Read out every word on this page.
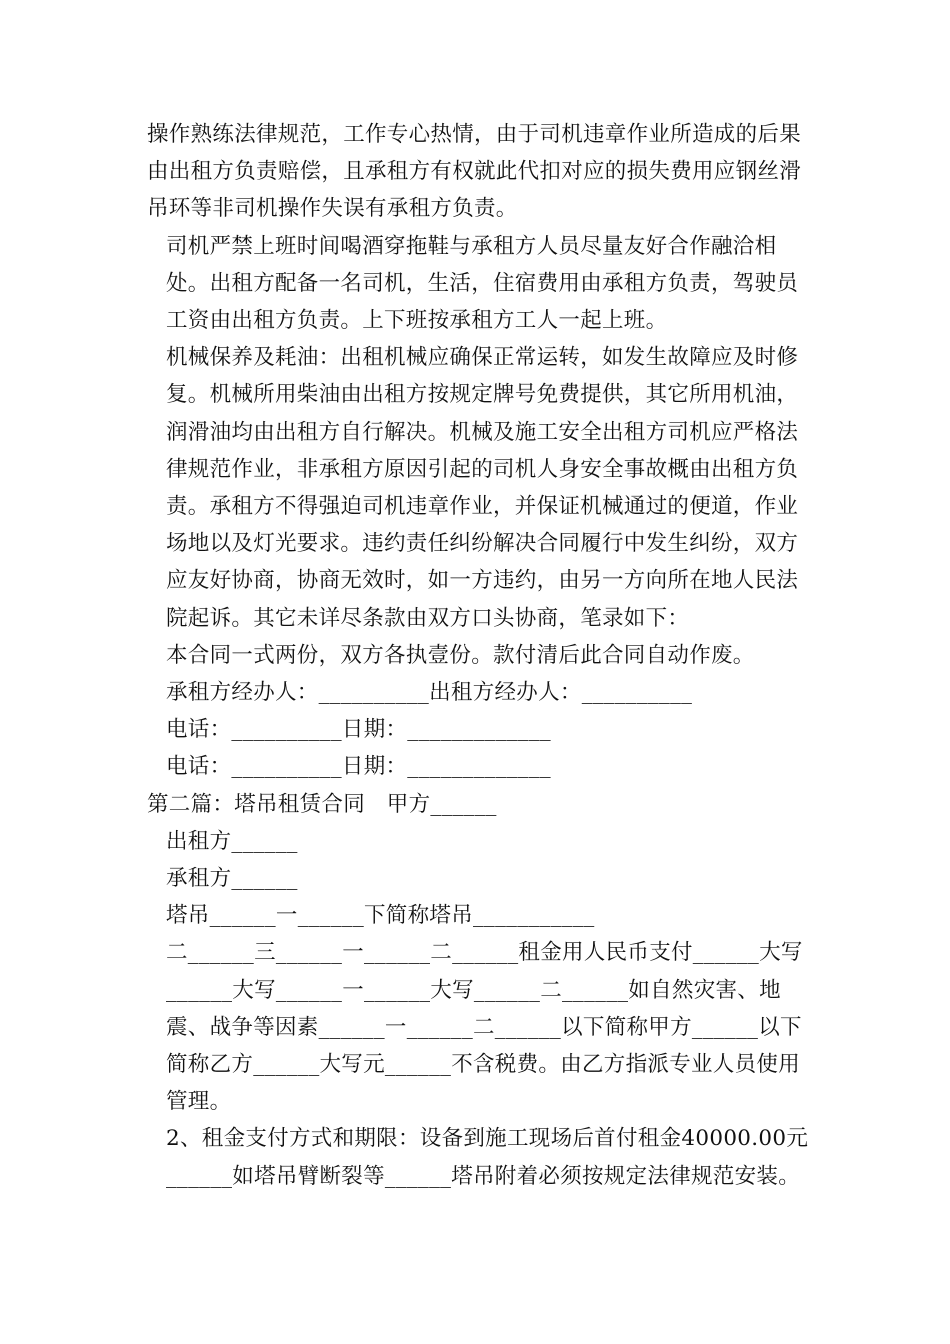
操作熟练法律规范，工作专心热情，由于司机违章作业所造成的后果由出租方负责赔偿，且承租方有权就此代扣对应的损失费用应钢丝滑吊环等非司机操作失误有承租方负责。

司机严禁上班时间喝酒穿拖鞋与承租方人员尽量友好合作融洽相处。出租方配备一名司机，生活，住宿费用由承租方负责，驾驶员工资由出租方负责。上下班按承租方工人一起上班。

机械保养及耗油：出租机械应确保正常运转，如发生故障应及时修复。机械所用柴油由出租方按规定牌号免费提供，其它所用机油，润滑油均由出租方自行解决。机械及施工安全出租方司机应严格法律规范作业，非承租方原因引起的司机人身安全事故概由出租方负责。承租方不得强迫司机违章作业，并保证机械通过的便道，作业场地以及灯光要求。违约责任纠纷解决合同履行中发生纠纷，双方应友好协商，协商无效时，如一方违约，由另一方向所在地人民法院起诉。其它未详尽条款由双方口头协商，笔录如下：

本合同一式两份，双方各执壹份。款付清后此合同自动作废。

承租方经办人：__________出租方经办人：__________

电话：__________日期：_____________

电话：__________日期：_____________

第二篇：塔吊租赁合同　甲方______

出租方______

承租方______

塔吊______一______下简称塔吊___________

二______三______一______二______租金用人民币支付______大写______大写______一______大写______二______如自然灾害、地震、战争等因素______一______二______以下简称甲方______以下简称乙方______大写元______不含税费。由乙方指派专业人员使用管理。

2、租金支付方式和期限：设备到施工现场后首付租金40000.00元______如塔吊臂断裂等______塔吊附着必须按规定法律规范安装。
